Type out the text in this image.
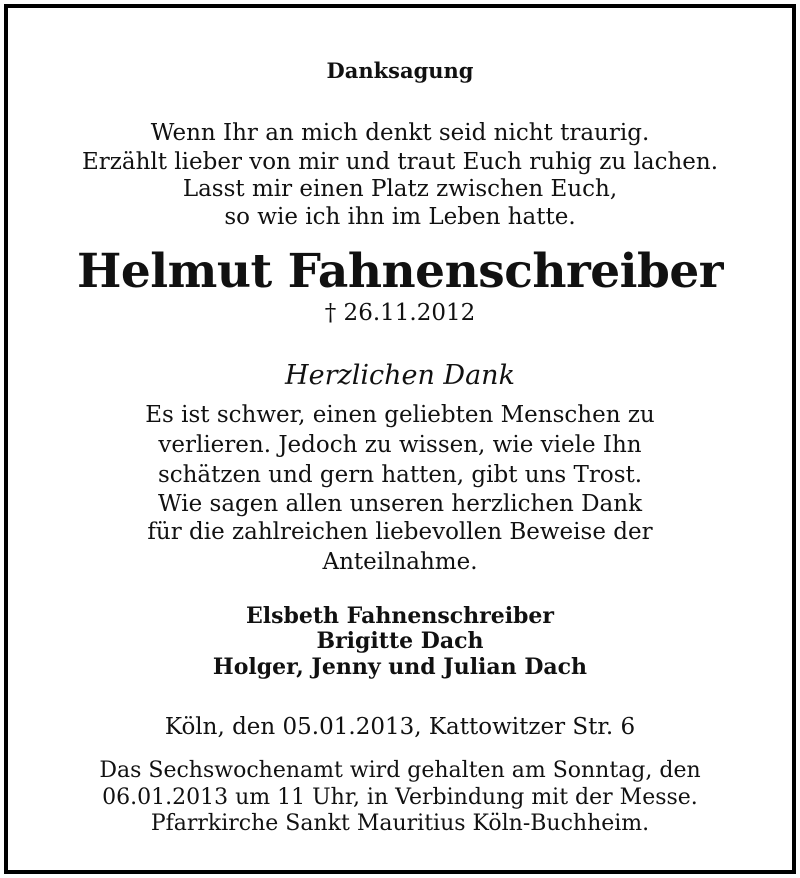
Danksagung
Wenn Ihr an mich denkt seid nicht traurig.
Erzählt lieber von mir und traut Euch ruhig zu lachen.
Lasst mir einen Platz zwischen Euch,
so wie ich ihn im Leben hatte.
Helmut Fahnenschreiber
† 26.11.2012
Herzlichen Dank
Es ist schwer, einen geliebten Menschen zu
verlieren. Jedoch zu wissen, wie viele Ihn
schätzen und gern hatten, gibt uns Trost.
Wie sagen allen unseren herzlichen Dank
für die zahlreichen liebevollen Beweise der
Anteilnahme.
Elsbeth Fahnenschreiber
Brigitte Dach
Holger, Jenny und Julian Dach
Köln, den 05.01.2013, Kattowitzer Str. 6
Das Sechswochenamt wird gehalten am Sonntag, den
06.01.2013 um 11 Uhr, in Verbindung mit der Messe.
Pfarrkirche Sankt Mauritius Köln-Buchheim.
